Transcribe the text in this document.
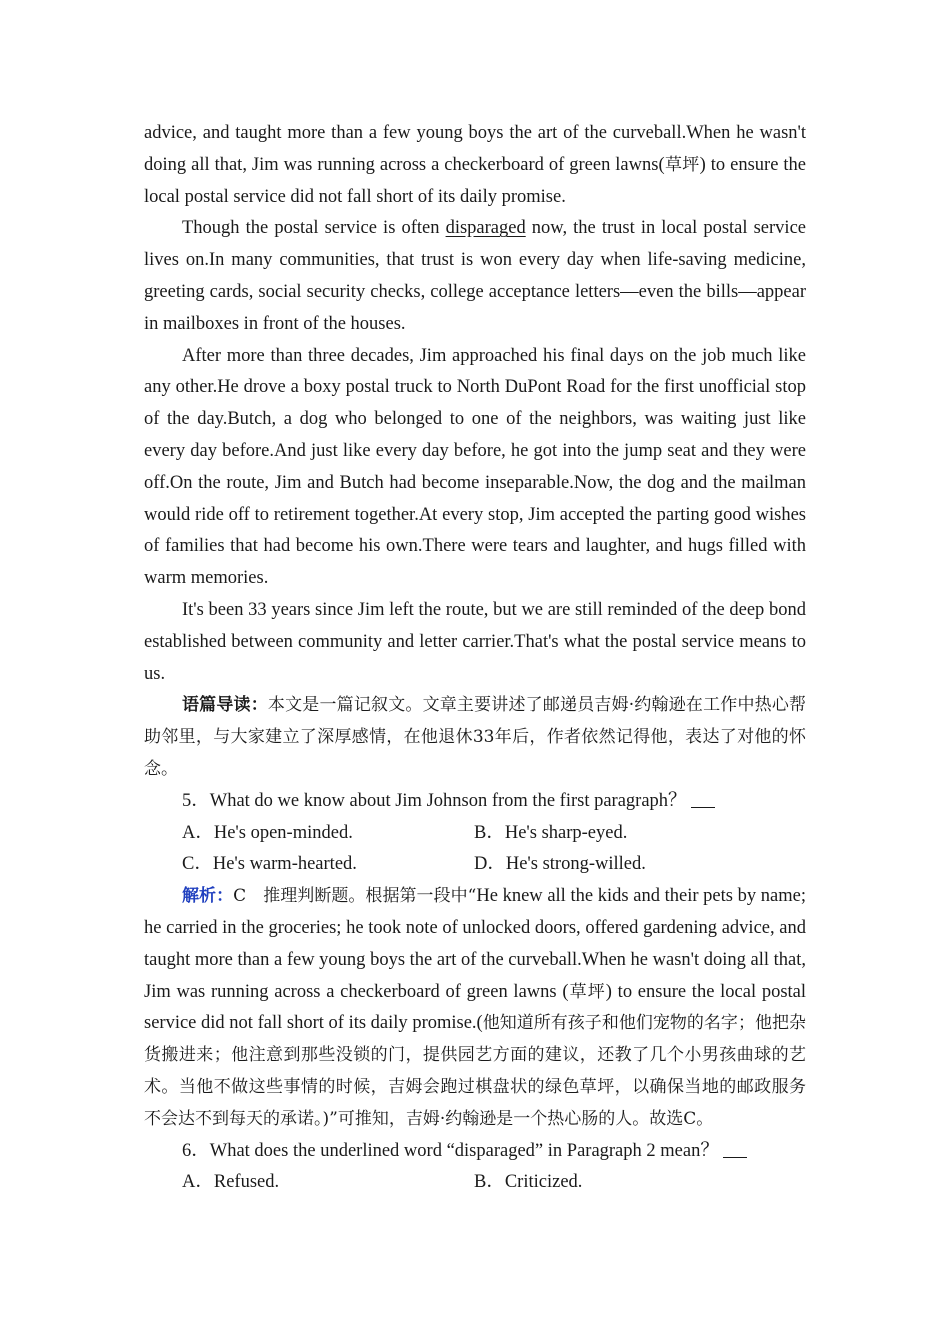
advice, and taught more than a few young boys the art of the curveball.When he wasn't doing all that, Jim was running across a checkerboard of green lawns(草坪) to ensure the local postal service did not fall short of its daily promise.

Though the postal service is often disparaged now, the trust in local postal service lives on.In many communities, that trust is won every day when life-saving medicine, greeting cards, social security checks, college acceptance letters—even the bills—appear in mailboxes in front of the houses.

After more than three decades, Jim approached his final days on the job much like any other.He drove a boxy postal truck to North DuPont Road for the first unofficial stop of the day.Butch, a dog who belonged to one of the neighbors, was waiting just like every day before.And just like every day before, he got into the jump seat and they were off.On the route, Jim and Butch had become inseparable.Now, the dog and the mailman would ride off to retirement together.At every stop, Jim accepted the parting good wishes of families that had become his own.There were tears and laughter, and hugs filled with warm memories.

It's been 33 years since Jim left the route, but we are still reminded of the deep bond established between community and letter carrier.That's what the postal service means to us.

语篇导读：本文是一篇记叙文。文章主要讲述了邮递员吉姆·约翰逊在工作中热心帮助邻里，与大家建立了深厚感情，在他退休33年后，作者依然记得他，表达了对他的怀念。

5．What do we know about Jim Johnson from the first paragraph？

A．He's open-minded.	B．He's sharp-eyed.
C．He's warm-hearted.	D．He's strong-willed.

解析：C　推理判断题。根据第一段中“He knew all the kids and their pets by name; he carried in the groceries; he took note of unlocked doors, offered gardening advice, and taught more than a few young boys the art of the curveball.When he wasn't doing all that, Jim was running across a checkerboard of green lawns (草坪) to ensure the local postal service did not fall short of its daily promise.(他知道所有孩子和他们宠物的名字；他把杂货搬进来；他注意到那些没锁的门，提供园艺方面的建议，还教了几个小男孩曲球的艺术。当他不做这些事情的时候，吉姆会跑过棋盘状的绿色草坪，以确保当地的邮政服务不会达不到每天的承诺。)”可推知，吉姆·约翰逊是一个热心肠的人。故选C。

6．What does the underlined word “disparaged” in Paragraph 2 mean？

A．Refused.	B．Criticized.
